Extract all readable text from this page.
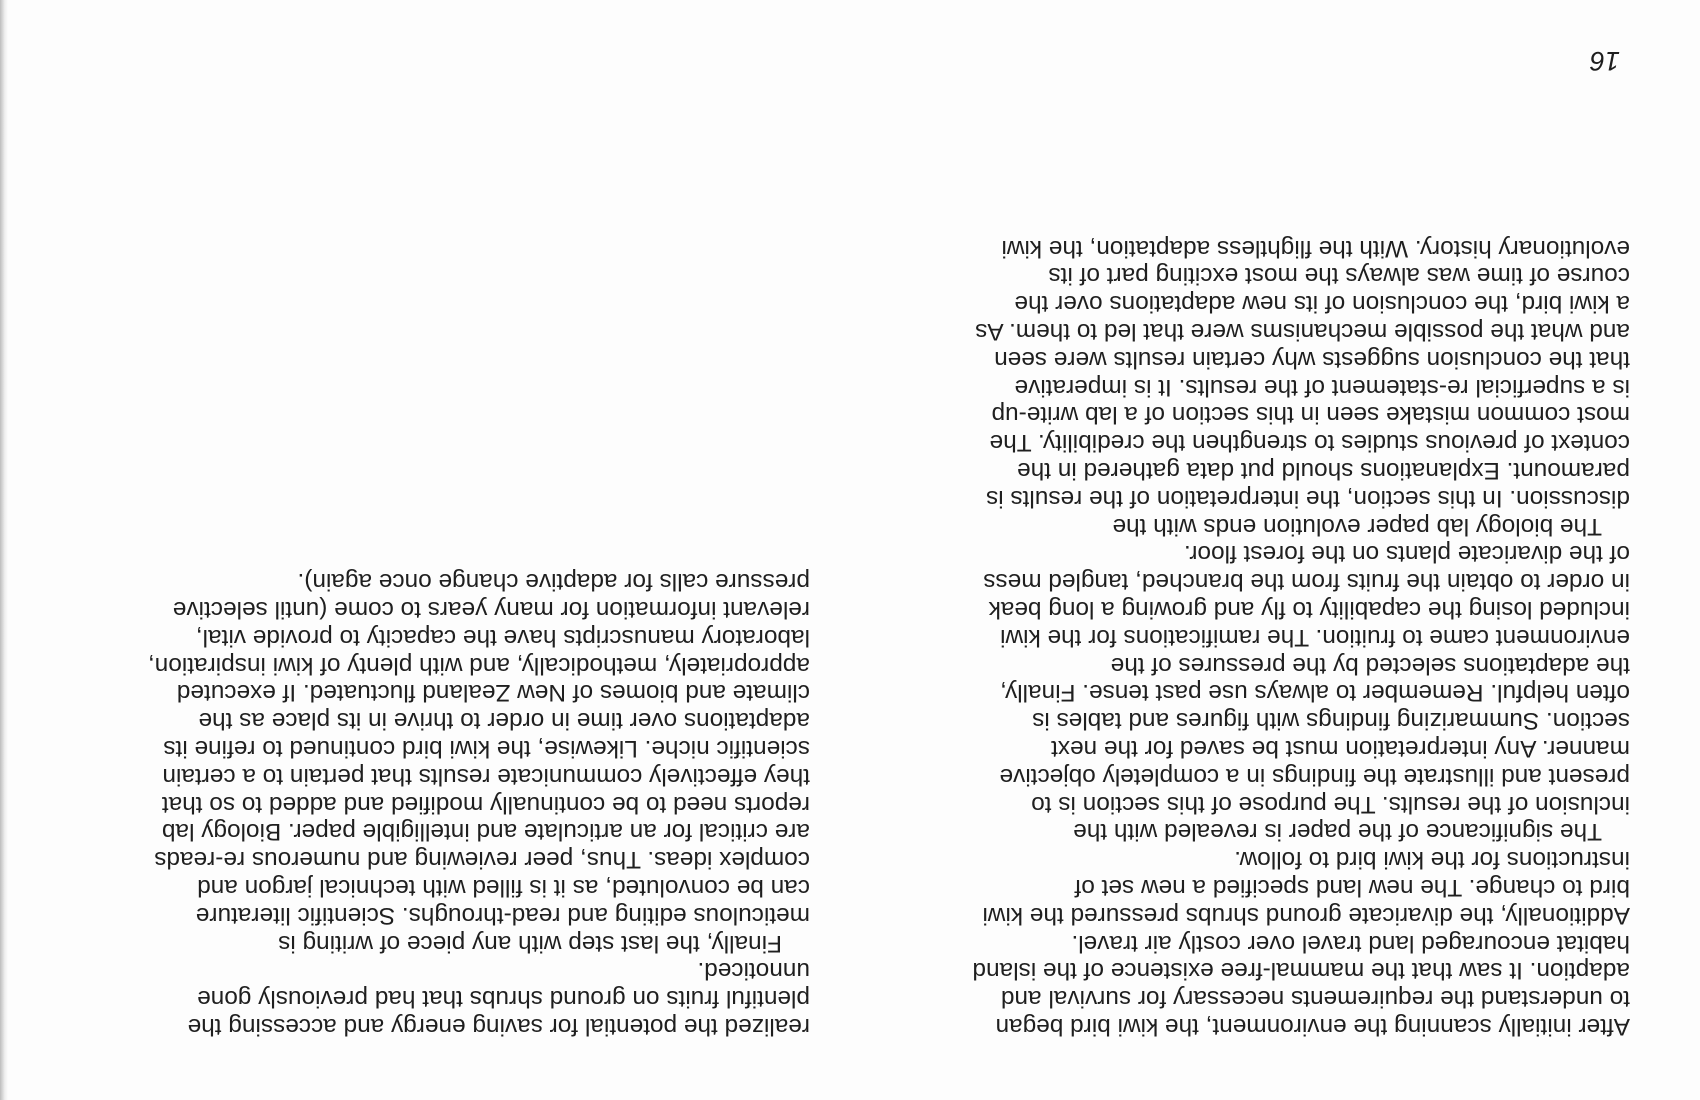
16

After initially scanning the environment, the kiwi bird began
to understand the requirements necessary for survival and
adaption. It saw that the mammal-free existence of the island
habitat encouraged land travel over costly air travel.
Additionally, the divaricate ground shrubs pressured the kiwi
bird to change. The new land specified a new set of
instructions for the kiwi bird to follow.

The significance of the paper is revealed with the
inclusion of the results. The purpose of this section is to
present and illustrate the findings in a completely objective
manner. Any interpretation must be saved for the next
section. Summarizing findings with figures and tables is
often helpful. Remember to always use past tense. Finally,
the adaptations selected by the pressures of the
environment came to fruition. The ramifications for the kiwi
included losing the capability to fly and growing a long beak
in order to obtain the fruits from the branched, tangled mess
of the divaricate plants on the forest floor.

The biology lab paper evolution ends with the
discussion. In this section, the interpretation of the results is
paramount. Explanations should put data gathered in the
context of previous studies to strengthen the credibility. The
most common mistake seen in this section of a lab write-up
is a superficial re-statement of the results. It is imperative
that the conclusion suggests why certain results were seen
and what the possible mechanisms were that led to them. As
a kiwi bird, the conclusion of its new adaptations over the
course of time was always the most exciting part of its
evolutionary history. With the flightless adaptation, the kiwi

realized the potential for saving energy and accessing the
plentiful fruits on ground shrubs that had previously gone
unnoticed.

Finally, the last step with any piece of writing is
meticulous editing and read-throughs. Scientific literature
can be convoluted, as it is filled with technical jargon and
complex ideas. Thus, peer reviewing and numerous re-reads
are critical for an articulate and intelligible paper. Biology lab
reports need to be continually modified and added to so that
they effectively communicate results that pertain to a certain
scientific niche. Likewise, the kiwi bird continued to refine its
adaptations over time in order to thrive in its place as the
climate and biomes of New Zealand fluctuated. If executed
appropriately, methodically, and with plenty of kiwi inspiration,
laboratory manuscripts have the capacity to provide vital,
relevant information for many years to come (until selective
pressure calls for adaptive change once again).
